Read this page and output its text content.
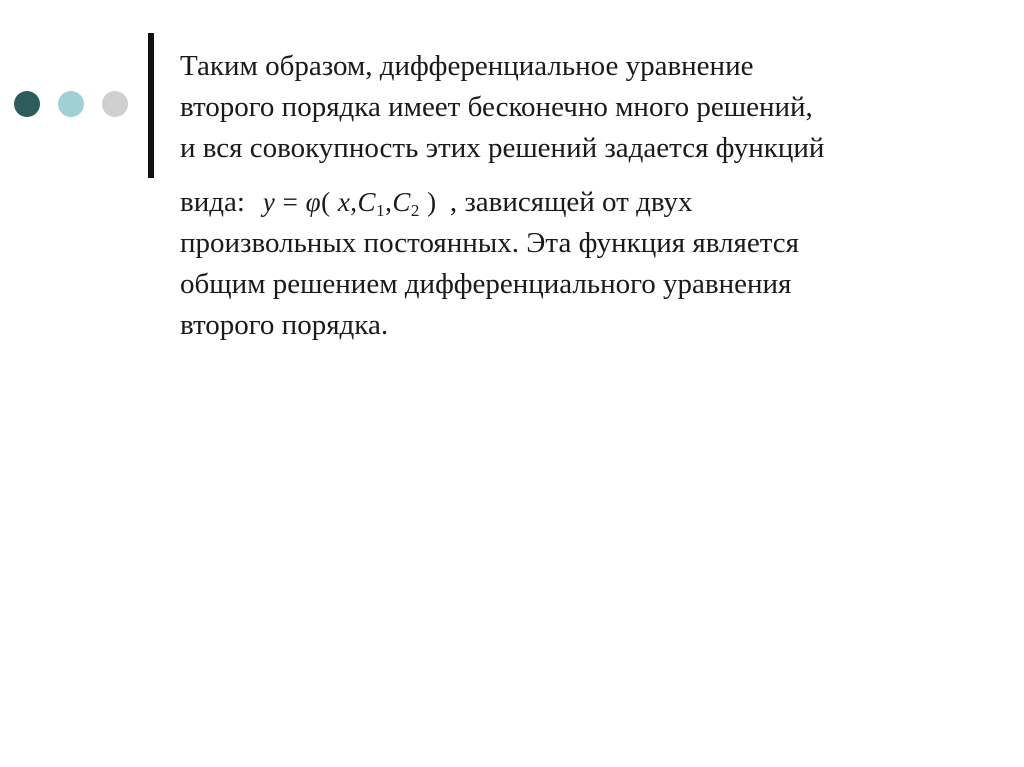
Таким образом, дифференциальное уравнение
второго порядка имеет бесконечно много решений,
и вся совокупность этих решений задается функций

вида: y = φ( $x,C_1,C_2$ ) , зависящей от двух
произвольных постоянных. Эта функция является
общим решением дифференциального уравнения
второго порядка.
